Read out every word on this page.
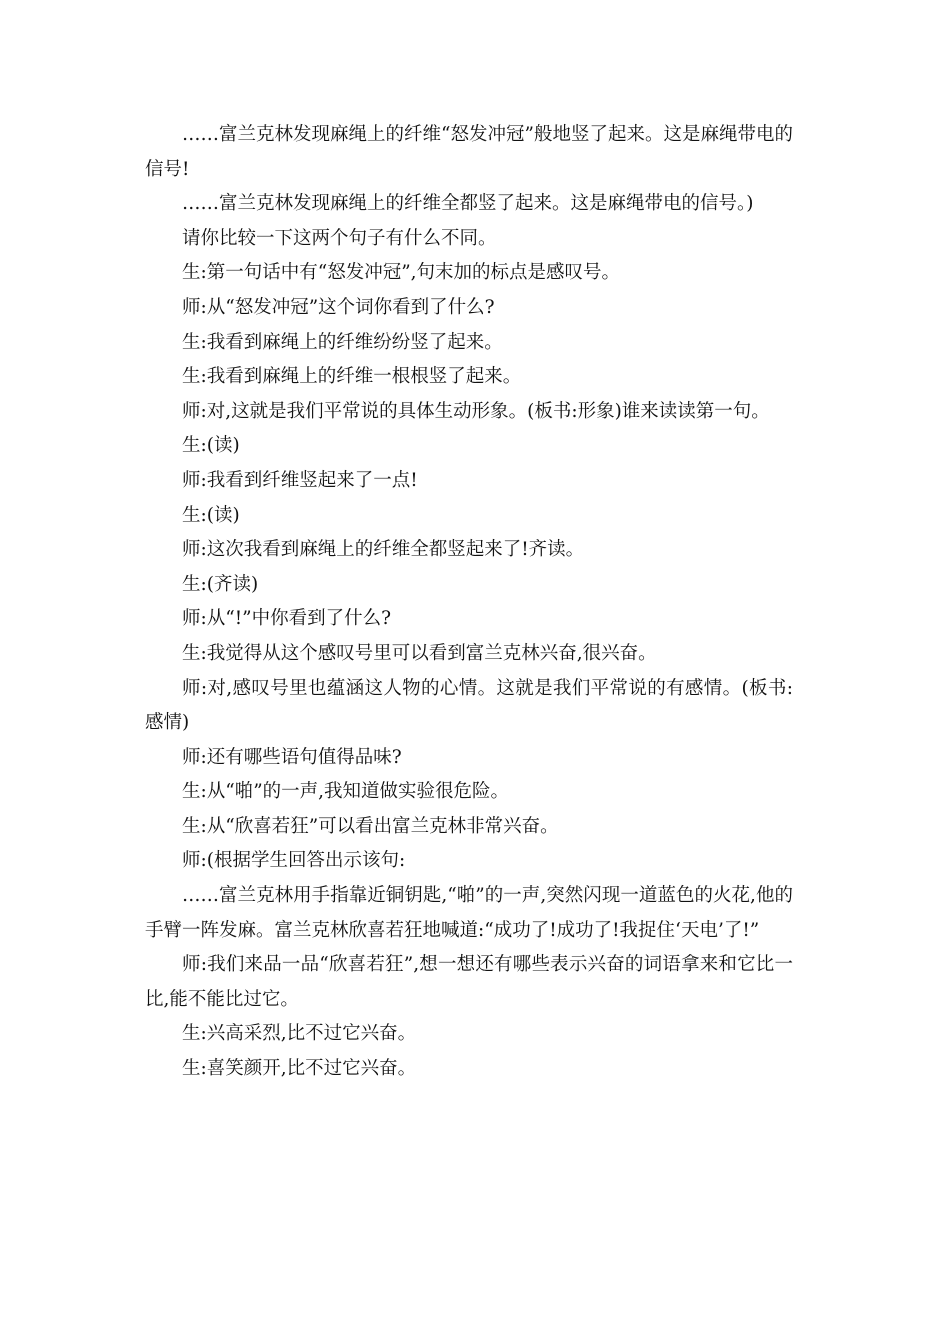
……富兰克林发现麻绳上的纤维“怒发冲冠”般地竖了起来。这是麻绳带电的信号!

……富兰克林发现麻绳上的纤维全都竖了起来。这是麻绳带电的信号。)

请你比较一下这两个句子有什么不同。

生:第一句话中有“怒发冲冠”,句末加的标点是感叹号。

师:从“怒发冲冠”这个词你看到了什么?

生:我看到麻绳上的纤维纷纷竖了起来。

生:我看到麻绳上的纤维一根根竖了起来。

师:对,这就是我们平常说的具体生动形象。(板书:形象)谁来读读第一句。

生:(读)

师:我看到纤维竖起来了一点!

生:(读)

师:这次我看到麻绳上的纤维全都竖起来了!齐读。

生:(齐读)

师:从“!”中你看到了什么?

生:我觉得从这个感叹号里可以看到富兰克林兴奋,很兴奋。

师:对,感叹号里也蕴涵这人物的心情。这就是我们平常说的有感情。(板书:感情)

师:还有哪些语句值得品味?

生:从“啪”的一声,我知道做实验很危险。

生:从“欣喜若狂”可以看出富兰克林非常兴奋。

师:(根据学生回答出示该句:

……富兰克林用手指靠近铜钥匙,“啪”的一声,突然闪现一道蓝色的火花,他的手臂一阵发麻。富兰克林欣喜若狂地喊道:“成功了!成功了!我捉住‘天电’了!”

师:我们来品一品“欣喜若狂”,想一想还有哪些表示兴奋的词语拿来和它比一比,能不能比过它。

生:兴高采烈,比不过它兴奋。

生:喜笑颜开,比不过它兴奋。
